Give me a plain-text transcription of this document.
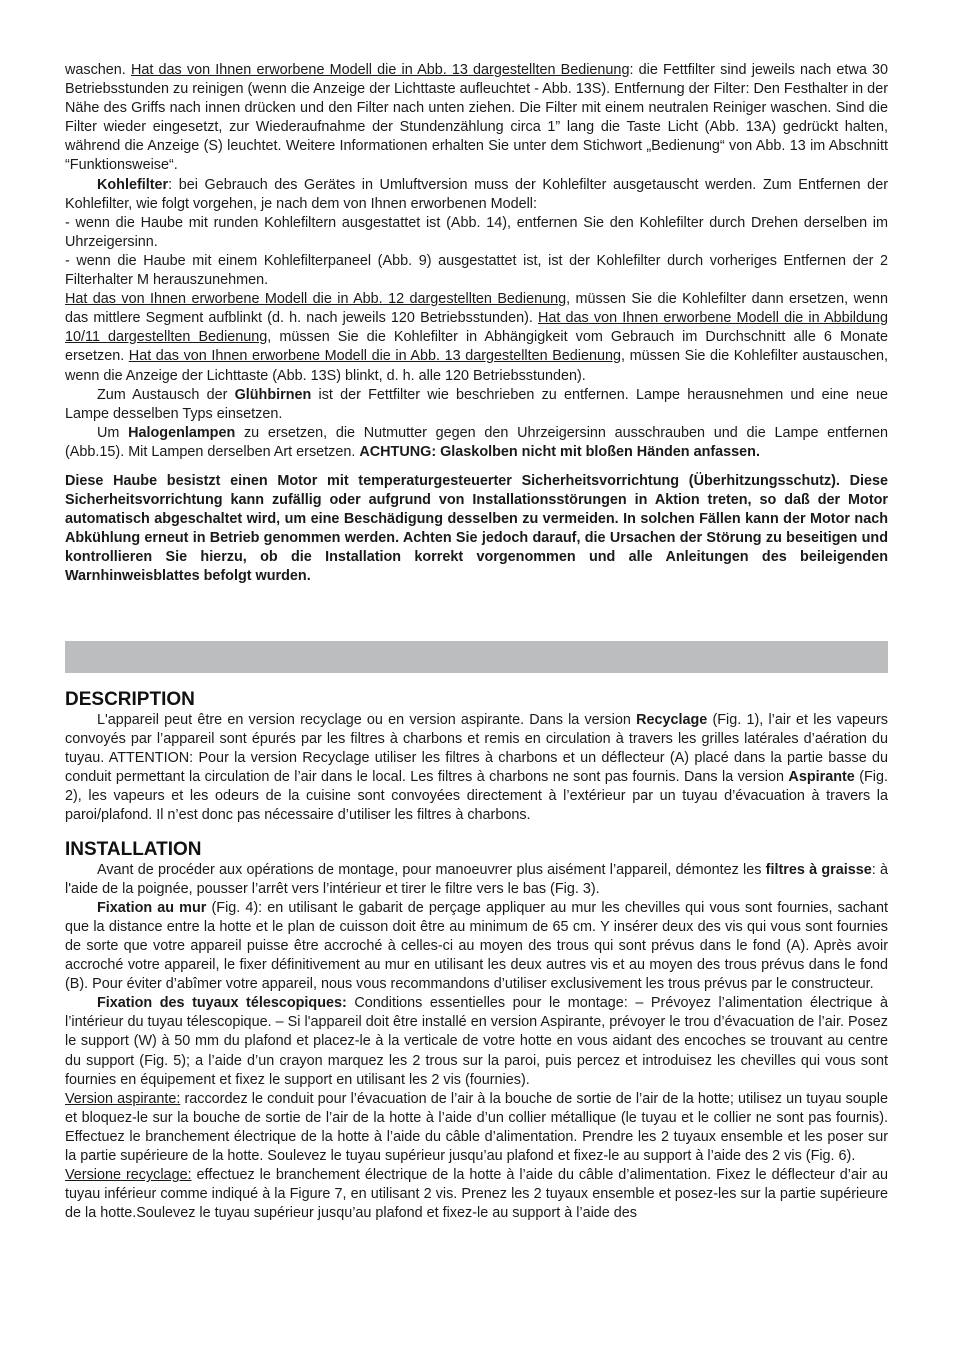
waschen. Hat das von Ihnen erworbene Modell die in Abb. 13 dargestellten Bedienung: die Fettfilter sind jeweils nach etwa 30 Betriebsstunden zu reinigen (wenn die Anzeige der Lichttaste aufleuchtet - Abb. 13S). Entfernung der Filter: Den Festhalter in der Nähe des Griffs nach innen drücken und den Filter nach unten ziehen. Die Filter mit einem neutralen Reiniger waschen. Sind die Filter wieder eingesetzt, zur Wiederaufnahme der Stundenzählung circa 1” lang die Taste Licht (Abb. 13A) gedrückt halten, während die Anzeige (S) leuchtet. Weitere Informationen erhalten Sie unter dem Stichwort „Bedienung“ von Abb. 13 im Abschnitt “Funktionsweise“.

Kohlefilter: bei Gebrauch des Gerätes in Umluftversion muss der Kohlefilter ausgetauscht werden. Zum Entfernen der Kohlefilter, wie folgt vorgehen, je nach dem von Ihnen erworbenen Modell:

- wenn die Haube mit runden Kohlefiltern ausgestattet ist (Abb. 14), entfernen Sie den Kohlefilter durch Drehen derselben im Uhrzeigersinn.

- wenn die Haube mit einem Kohlefilterpaneel (Abb. 9) ausgestattet ist, ist der Kohlefilter durch vorheriges Entfernen der 2 Filterhalter M herauszunehmen.

Hat das von Ihnen erworbene Modell die in Abb. 12 dargestellten Bedienung, müssen Sie die Kohlefilter dann ersetzen, wenn das mittlere Segment aufblinkt (d. h. nach jeweils 120 Betriebsstunden). Hat das von Ihnen erworbene Modell die in Abbildung 10/11 dargestellten Bedienung, müssen Sie die Kohlefilter in Abhängigkeit vom Gebrauch im Durchschnitt alle 6 Monate ersetzen. Hat das von Ihnen erworbene Modell die in Abb. 13 dargestellten Bedienung, müssen Sie die Kohlefilter austauschen, wenn die Anzeige der Lichttaste (Abb. 13S) blinkt, d. h. alle 120 Betriebsstunden).

Zum Austausch der Glühbirnen ist der Fettfilter wie beschrieben zu entfernen. Lampe herausnehmen und eine neue Lampe desselben Typs einsetzen.

Um Halogenlampen zu ersetzen, die Nutmutter gegen den Uhrzeigersinn ausschrauben und die Lampe entfernen (Abb.15). Mit Lampen derselben Art ersetzen. ACHTUNG: Glaskolben nicht mit bloßen Händen anfassen.

Diese Haube besistzt einen Motor mit temperaturgesteuerter Sicherheitsvorrichtung (Überhitzungsschutz). Diese Sicherheitsvorrichtung kann zufällig oder aufgrund von Installationsstörungen in Aktion treten, so daß der Motor automatisch abgeschaltet wird, um eine Beschädigung desselben zu vermeiden. In solchen Fällen kann der Motor nach Abkühlung erneut in Betrieb genommen werden. Achten Sie jedoch darauf, die Ursachen der Störung zu beseitigen und kontrollieren Sie hierzu, ob die Installation korrekt vorgenommen und alle Anleitungen des beileigenden Warnhinweisblattes befolgt wurden.

DESCRIPTION

L'appareil peut être en version recyclage ou en version aspirante. Dans la version Recyclage (Fig. 1), l’air et les vapeurs convoyés par l’appareil sont épurés par les filtres à charbons et remis en circulation à travers les grilles latérales d’aération du tuyau. ATTENTION: Pour la version Recyclage utiliser les filtres à charbons et un déflecteur (A) placé dans la partie basse du conduit permettant la circulation de l’air dans le local. Les filtres à charbons ne sont pas fournis. Dans la version Aspirante (Fig. 2), les vapeurs et les odeurs de la cuisine sont convoyées directement à l’extérieur par un tuyau d’évacuation à travers la paroi/plafond. Il n’est donc pas nécessaire d’utiliser les filtres à charbons.

INSTALLATION

Avant de procéder aux opérations de montage, pour manoeuvrer plus aisément l’appareil, démontez les filtres à graisse: à l'aide de la poignée, pousser l’arrêt vers l’intérieur et tirer le filtre vers le bas (Fig. 3).

Fixation au mur (Fig. 4): en utilisant le gabarit de perçage appliquer au mur les chevilles qui vous sont fournies, sachant que la distance entre la hotte et le plan de cuisson doit être au minimum de 65 cm. Y insérer deux des vis qui vous sont fournies de sorte que votre appareil puisse être accroché à celles-ci au moyen des trous qui sont prévus dans le fond (A). Après avoir accroché votre appareil, le fixer définitivement au mur en utilisant les deux autres vis et au moyen des trous prévus dans le fond (B). Pour éviter d’abîmer votre appareil, nous vous recommandons d’utiliser exclusivement les trous prévus par le constructeur.

Fixation des tuyaux télescopiques: Conditions essentielles pour le montage: – Prévoyez l’alimentation électrique à l’intérieur du tuyau télescopique. – Si l'appareil doit être installé en version Aspirante, prévoyer le trou d’évacuation de l’air. Posez le support (W) à 50 mm du plafond et placez-le à la verticale de votre hotte en vous aidant des encoches se trouvant au centre du support (Fig. 5); a l’aide d’un crayon marquez les 2 trous sur la paroi, puis percez et introduisez les chevilles qui vous sont fournies en équipement et fixez le support en utilisant les 2 vis (fournies).

Version aspirante: raccordez le conduit pour l’évacuation de l’air à la bouche de sortie de l’air de la hotte; utilisez un tuyau souple et bloquez-le sur la bouche de sortie de l’air de la hotte à l’aide d’un collier métallique (le tuyau et le collier ne sont pas fournis). Effectuez le branchement électrique de la hotte à l’aide du câble d’alimentation. Prendre les 2 tuyaux ensemble et les poser sur la partie supérieure de la hotte. Soulevez le tuyau supérieur jusqu’au plafond et fixez-le au support à l’aide des 2 vis (Fig. 6).

Versione recyclage: effectuez le branchement électrique de la hotte à l’aide du câble d’alimentation. Fixez le déflecteur d’air au tuyau inférieur comme indiqué à la Figure 7, en utilisant 2 vis. Prenez les 2 tuyaux ensemble et posez-les sur la partie supérieure de la hotte.Soulevez le tuyau supérieur jusqu’au plafond et fixez-le au support à l’aide des
